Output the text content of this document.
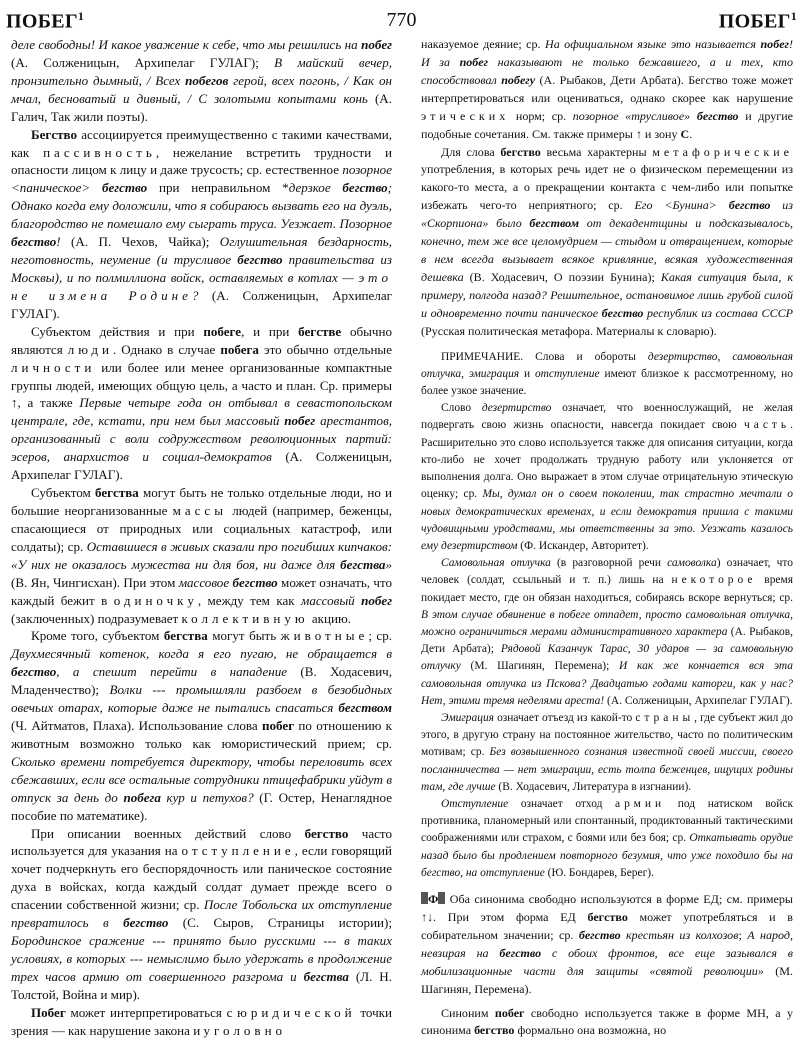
ПОБЕГ$^1$	770	ПОБЕГ$^1$

деле свободны! И какое уважение к себе, что мы решились на побег (А. Солженицын, Архипелаг ГУЛАГ); В майский вечер, пронзительно дымный, / Всех побегов герой, всех погонь, / Как он мчал, бесноватый и дивный, / С золотыми копытами конь (А. Галич, Так жили поэты).

Бегство ассоциируется преимущественно с такими качествами, как пассивность, нежелание встретить трудности и опасности лицом к лицу и даже трусость; ср. естественное позорное <паническое> бегство при неправильном *дерзкое бегство; Однако когда ему доложили, что я собираюсь вызвать его на дуэль, благородство не помешало ему сыграть труса. Уезжает. Позорное бегство! (А. П. Чехов, Чайка); Оглушительная бездарность, неготовность, неумение (и трусливое бегство правительства из Москвы), и по полмиллиона войск, оставляемых в котлах — это не измена Родине? (А. Солженицын, Архипелаг ГУЛАГ).

Субъектом действия и при побеге, и при бегстве обычно являются люди. Однако в случае побега это обычно отдельные личности или более или менее организованные компактные группы людей, имеющих общую цель, а часто и план. Ср. примеры ↑, а также Первые четыре года он отбывал в севастопольском централе, где, кстати, при нем был массовый побег арестантов, организованный с воли содружеством революционных партий: эсеров, анархистов и социал-демократов (А. Солженицын, Архипелаг ГУЛАГ).

Субъектом бегства могут быть не только отдельные люди, но и большие неорганизованные массы людей (например, беженцы, спасающиеся от природных или социальных катастроф, или солдаты); ср. Оставшиеся в живых сказали про погибших кипчаков: «У них не оказалось мужества ни для боя, ни даже для бегства» (В. Ян, Чингисхан). При этом массовое бегство может означать, что каждый бежит в одиночку, между тем как массовый побег (заключенных) подразумевает коллективную акцию.

Кроме того, субъектом бегства могут быть животные; ср. Двухмесячный котенок, когда я его пугаю, не обращается в бегство, а спешит перейти в нападение (В. Ходасевич, Младенчество); Волки --- промышляли разбоем в безобидных овечьих отарах, которые даже не пытались спасаться бегством (Ч. Айтматов, Плаха). Использование слова побег по отношению к животным возможно только как юмористический прием; ср. Сколько времени потребуется директору, чтобы переловить всех сбежавших, если все остальные сотрудники птицефабрики уйдут в отпуск за день до побега кур и петухов? (Г. Остер, Ненаглядное пособие по математике).

При описании военных действий слово бегство часто используется для указания на отступление, если говорящий хочет подчеркнуть его беспорядочность или паническое состояние духа в войсках, когда каждый солдат думает прежде всего о спасении собственной жизни; ср. После Тобольска их отступление превратилось в бегство (С. Сыров, Страницы истории); Бородинское сражение --- принято было русскими --- в таких условиях, в которых --- немыслимо было удержать в продолжение трех часов армию от совершенного разгрома и бегства (Л. Н. Толстой, Война и мир).

Побег может интерпретироваться с юридической точки зрения — как нарушение закона и уголовно

наказуемое деяние; ср. На официальном языке это называется побег! И за побег наказывают не только бежавшего, а и тех, кто способствовал побегу (А. Рыбаков, Дети Арбата). Бегство тоже может интерпретироваться или оцениваться, однако скорее как нарушение этических норм; ср. позорное «трусливое» бегство и другие подобные сочетания. См. также примеры ↑ и зону С.

Для слова бегство весьма характерны метафорические употребления, в которых речь идет не о физическом перемещении из какого-то места, а о прекращении контакта с чем-либо или попытке избежать чего-то неприятного; ср. Его <Бунина> бегство из «Скорпиона» было бегством от декадентщины и подсказывалось, конечно, тем же все целомудрием — стыдом и отвращением, которые в нем всегда вызывает всякое кривляние, всякая художественная дешевка (В. Ходасевич, О поэзии Бунина); Какая ситуация была, к примеру, полгода назад? Решительное, остановимое лишь грубой силой и одновременно почти паническое бегство республик из состава СССР (Русская политическая метафора. Материалы к словарю).

ПРИМЕЧАНИЕ. Слова и обороты дезертирство, самовольная отлучка, эмиграция и отступление имеют близкое к рассмотренному, но более узкое значение.

Слово дезертирство означает, что военнослужащий, не желая подвергать свою жизнь опасности, навсегда покидает свою часть. Расширительно это слово используется также для описания ситуации, когда кто-либо не хочет продолжать трудную работу или уклоняется от выполнения долга. Оно выражает в этом случае отрицательную этическую оценку; ср. Мы, думал он о своем поколении, так страстно мечтали о новых демократических временах, и если демократия пришла с такими чудовищными уродствами, мы ответственны за это. Уезжать казалось ему дезертирством (Ф. Искандер, Авторитет).

Самовольная отлучка (в разговорной речи самоволка) означает, что человек (солдат, ссыльный и т. п.) лишь на некоторое время покидает место, где он обязан находиться, собираясь вскоре вернуться; ср. В этом случае обвинение в побеге отпадет, просто самовольная отлучка, можно ограничиться мерами административного характера (А. Рыбаков, Дети Арбата); Рядовой Казанчук Тарас, 30 ударов — за самовольную отлучку (М. Шагинян, Перемена); И как же кончается вся эта самовольная отлучка из Пскова? Двадцатью годами каторги, как у нас? Нет, этими тремя неделями ареста! (А. Солженицын, Архипелаг ГУЛАГ).

Эмиграция означает отъезд из какой-то страны, где субъект жил до этого, в другую страну на постоянное жительство, часто по политическим мотивам; ср. Без возвышенного сознания известной своей миссии, своего посланничества — нет эмиграции, есть толпа беженцев, ищущих родины там, где лучше (В. Ходасевич, Литература в изгнании).

Отступление означает отход армии под натиском войск противника, планомерный или спонтанный, продиктованный тактическими соображениями или страхом, с боями или без боя; ср. Откатывать орудие назад было бы продлением повторного безумия, что уже походило бы на бегство, на отступление (Ю. Бондарев, Берег).

Ф Оба синонима свободно используются в форме ЕД; см. примеры ↑↓. При этом форма ЕД бегство может употребляться и в собирательном значении; ср. бегство крестьян из колхозов; А народ, невзирая на бегство с обоих фронтов, все еще зазывался в мобилизационные части для защиты «святой революции» (М. Шагинян, Перемена).

Синоним побег свободно используется также в форме МН, а у синонима бегство формально она возможна, но
